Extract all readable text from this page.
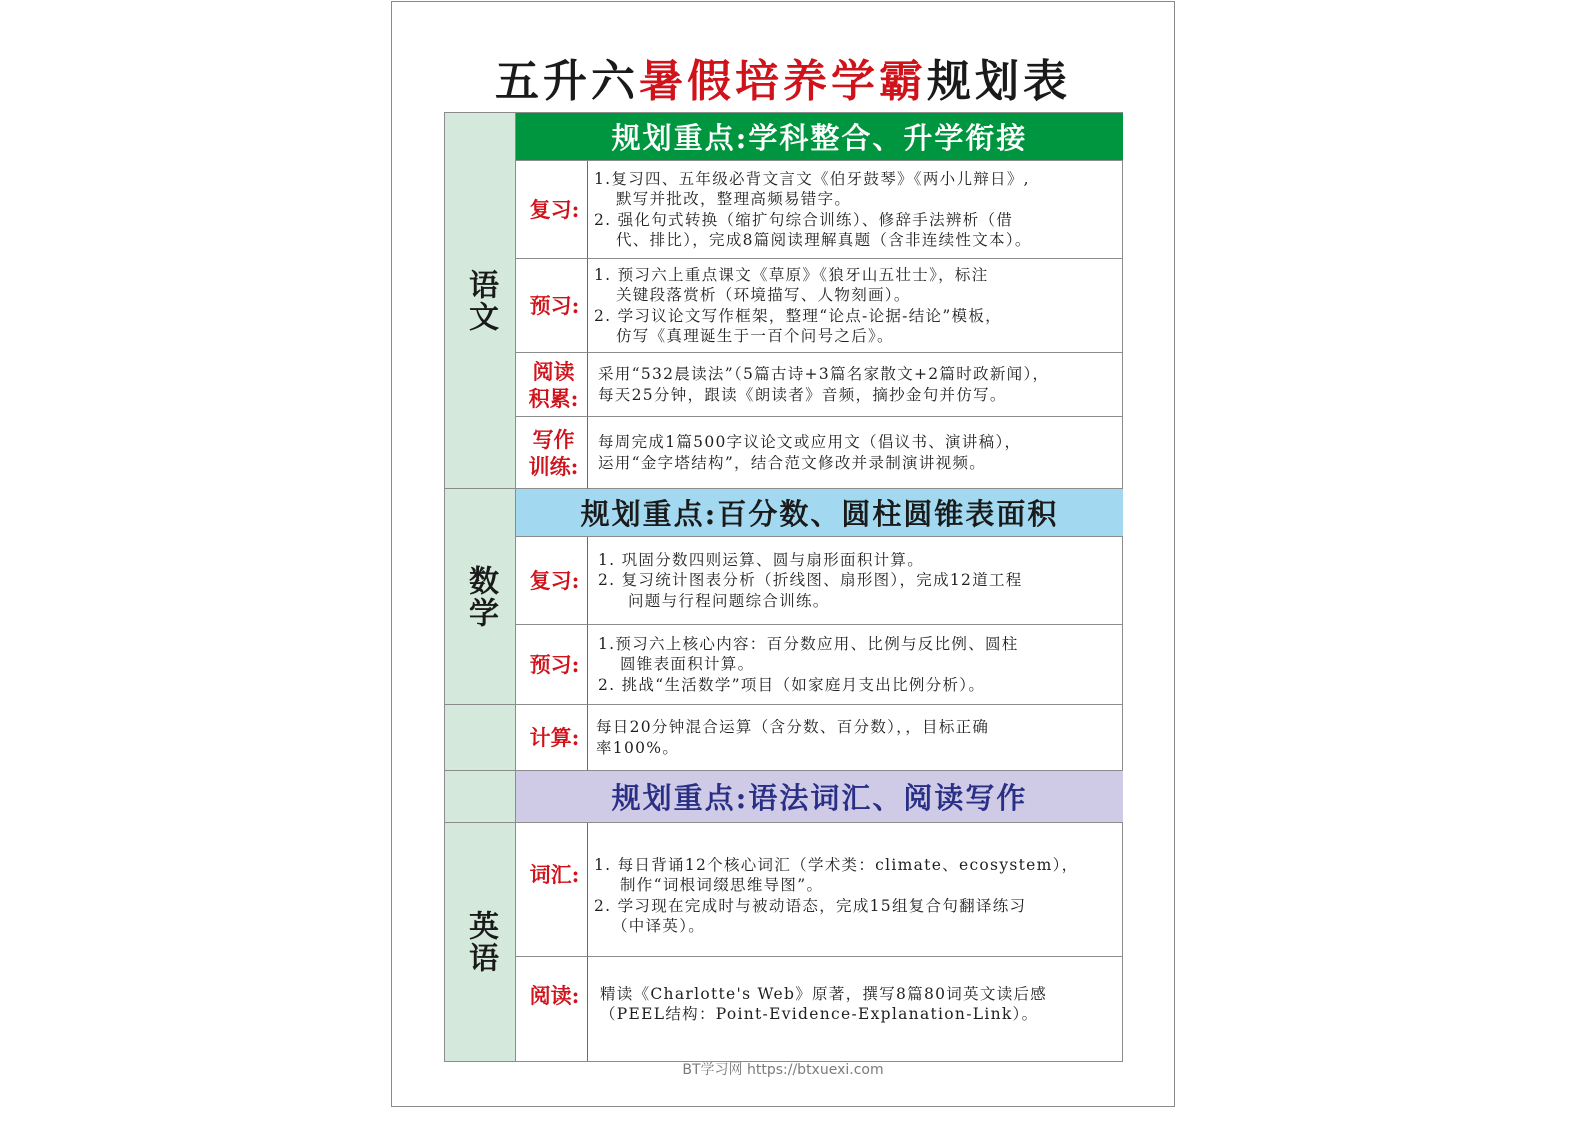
五升六暑假培养学霸规划表
语文
规划重点:学科整合、升学衔接
复习:
1.复习四、五年级必背文言文《伯牙鼓琴》《两小儿辩日》,
默写并批改，整理高频易错字。
2. 强化句式转换（缩扩句综合训练）、修辞手法辨析（借
代、排比），完成8篇阅读理解真题（含非连续性文本）。
预习:
1. 预习六上重点课文《草原》《狼牙山五壮士》，标注
关键段落赏析（环境描写、人物刻画）。
2. 学习议论文写作框架，整理“论点-论据-结论”模板，
仿写《真理诞生于一百个问号之后》。
阅读积累:
采用“532晨读法”（5篇古诗+3篇名家散文+2篇时政新闻），
每天25分钟，跟读《朗读者》音频，摘抄金句并仿写。
写作训练:
每周完成1篇500字议论文或应用文（倡议书、演讲稿），
运用“金字塔结构”，结合范文修改并录制演讲视频。
数学
规划重点:百分数、圆柱圆锥表面积
复习:
1. 巩固分数四则运算、圆与扇形面积计算。
2. 复习统计图表分析（折线图、扇形图），完成12道工程
问题与行程问题综合训练。
预习:
1.预习六上核心内容：百分数应用、比例与反比例、圆柱
圆锥表面积计算。
2. 挑战“生活数学”项目（如家庭月支出比例分析）。
计算:	每日20分钟混合运算（含分数、百分数），，目标正确
率100%。
规划重点:语法词汇、阅读写作
英语
词汇: 1. 每日背诵12个核心词汇（学术类：climate、ecosystem），
制作“词根词缀思维导图”。
2. 学习现在完成时与被动语态，完成15组复合句翻译练习
（中译英）。
阅读:	精读《Charlotte's Web》原著，撰写8篇80词英文读后感
（PEEL结构：Point-Evidence-Explanation-Link）。
BT学习网 https://btxuexi.com
